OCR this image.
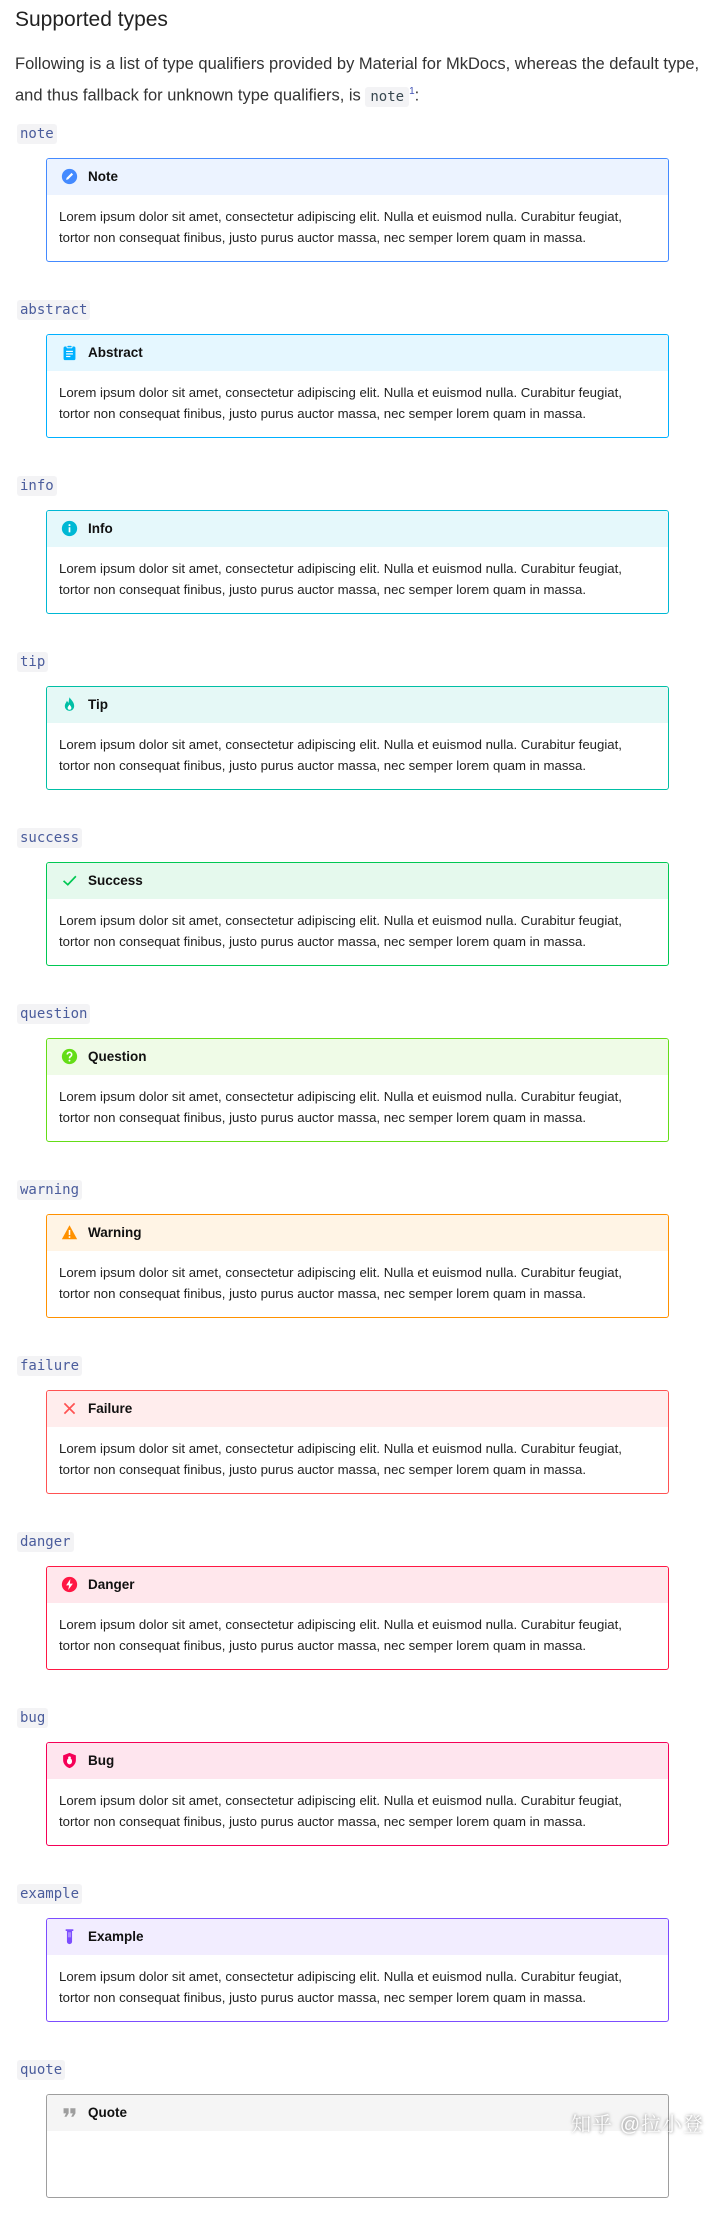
Supported types

Following is a list of type qualifiers provided by Material for MkDocs, whereas the default type, and thus fallback for unknown type qualifiers, is note $^1$:

note
Note
Lorem ipsum dolor sit amet, consectetur adipiscing elit. Nulla et euismod nulla. Curabitur feugiat, tortor non consequat finibus, justo purus auctor massa, nec semper lorem quam in massa.
abstract
Abstract
Lorem ipsum dolor sit amet, consectetur adipiscing elit. Nulla et euismod nulla. Curabitur feugiat, tortor non consequat finibus, justo purus auctor massa, nec semper lorem quam in massa.
info
Info
Lorem ipsum dolor sit amet, consectetur adipiscing elit. Nulla et euismod nulla. Curabitur feugiat, tortor non consequat finibus, justo purus auctor massa, nec semper lorem quam in massa.
tip
Tip
Lorem ipsum dolor sit amet, consectetur adipiscing elit. Nulla et euismod nulla. Curabitur feugiat, tortor non consequat finibus, justo purus auctor massa, nec semper lorem quam in massa.
success
Success
Lorem ipsum dolor sit amet, consectetur adipiscing elit. Nulla et euismod nulla. Curabitur feugiat, tortor non consequat finibus, justo purus auctor massa, nec semper lorem quam in massa.
question
Question
Lorem ipsum dolor sit amet, consectetur adipiscing elit. Nulla et euismod nulla. Curabitur feugiat, tortor non consequat finibus, justo purus auctor massa, nec semper lorem quam in massa.
warning
Warning
Lorem ipsum dolor sit amet, consectetur adipiscing elit. Nulla et euismod nulla. Curabitur feugiat, tortor non consequat finibus, justo purus auctor massa, nec semper lorem quam in massa.
failure
Failure
Lorem ipsum dolor sit amet, consectetur adipiscing elit. Nulla et euismod nulla. Curabitur feugiat, tortor non consequat finibus, justo purus auctor massa, nec semper lorem quam in massa.
danger
Danger
Lorem ipsum dolor sit amet, consectetur adipiscing elit. Nulla et euismod nulla. Curabitur feugiat, tortor non consequat finibus, justo purus auctor massa, nec semper lorem quam in massa.
bug
Bug
Lorem ipsum dolor sit amet, consectetur adipiscing elit. Nulla et euismod nulla. Curabitur feugiat, tortor non consequat finibus, justo purus auctor massa, nec semper lorem quam in massa.
example
Example
Lorem ipsum dolor sit amet, consectetur adipiscing elit. Nulla et euismod nulla. Curabitur feugiat, tortor non consequat finibus, justo purus auctor massa, nec semper lorem quam in massa.
quote
Quote
知乎 @拉小登
